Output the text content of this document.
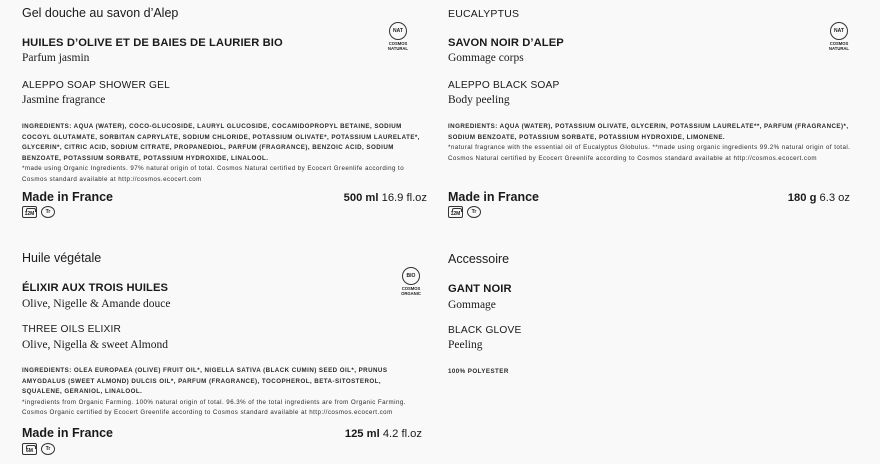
Gel douche au savon d’Alep
HUILES D’OLIVE ET DE BAIES DE LAURIER BIO
Parfum jasmin
ALEPPO SOAP SHOWER GEL
Jasmine fragrance
NAT
COSMOS NATURAL
INGREDIENTS: AQUA (WATER), COCO-GLUCOSIDE, LAURYL GLUCOSIDE, COCAMIDOPROPYL BETAINE, SODIUM COCOYL GLUTAMATE, SORBITAN CAPRYLATE, SODIUM CHLORIDE, POTASSIUM OLIVATE*, POTASSIUM LAURELATE*, GLYCERIN*, CITRIC ACID, SODIUM CITRATE, PROPANEDIOL, PARFUM (FRAGRANCE), BENZOIC ACID, SODIUM BENZOATE, POTASSIUM SORBATE, POTASSIUM HYDROXIDE, LINALOOL.
*made using Organic Ingredients. 97% natural origin of total. Cosmos Natural certified by Ecocert Greenlife according to Cosmos standard available at http://cosmos.ecocert.com
Made in France	500 ml 16.9 fl.oz
12M Tr
EUCALYPTUS
SAVON NOIR D’ALEP
Gommage corps
ALEPPO BLACK SOAP
Body peeling
NAT
COSMOS NATURAL
INGREDIENTS: AQUA (WATER), POTASSIUM OLIVATE, GLYCERIN, POTASSIUM LAURELATE**, PARFUM (FRAGRANCE)*, SODIUM BENZOATE, POTASSIUM SORBATE, POTASSIUM HYDROXIDE, LIMONENE.
*natural fragrance with the essential oil of Eucalyptus Globulus. **made using organic ingredients 99.2% natural origin of total. Cosmos Natural certified by Ecocert Greenlife according to Cosmos standard available at http://cosmos.ecocert.com
Made in France	180 g 6.3 oz
12M Tr
Huile végétale
ÉLIXIR AUX TROIS HUILES
Olive, Nigelle & Amande douce
THREE OILS ELIXIR
Olive, Nigella & sweet Almond
BIO
COSMOS ORGANIC
INGREDIENTS: OLEA EUROPAEA (OLIVE) FRUIT OIL*, NIGELLA SATIVA (BLACK CUMIN) SEED OIL*, PRUNUS AMYGDALUS (SWEET ALMOND) DULCIS OIL*, PARFUM (FRAGRANCE), TOCOPHEROL, BETA-SITOSTEROL, SQUALENE, GERANIOL, LINALOOL.
*ingredients from Organic Farming. 100% natural origin of total. 96.3% of the total ingredients are from Organic Farming. Cosmos Organic certified by Ecocert Greenlife according to Cosmos standard available at http://cosmos.ecocert.com
Made in France	125 ml 4.2 fl.oz
6M	Tr
Accessoire
GANT NOIR
Gommage
BLACK GLOVE
Peeling
100% POLYESTER
